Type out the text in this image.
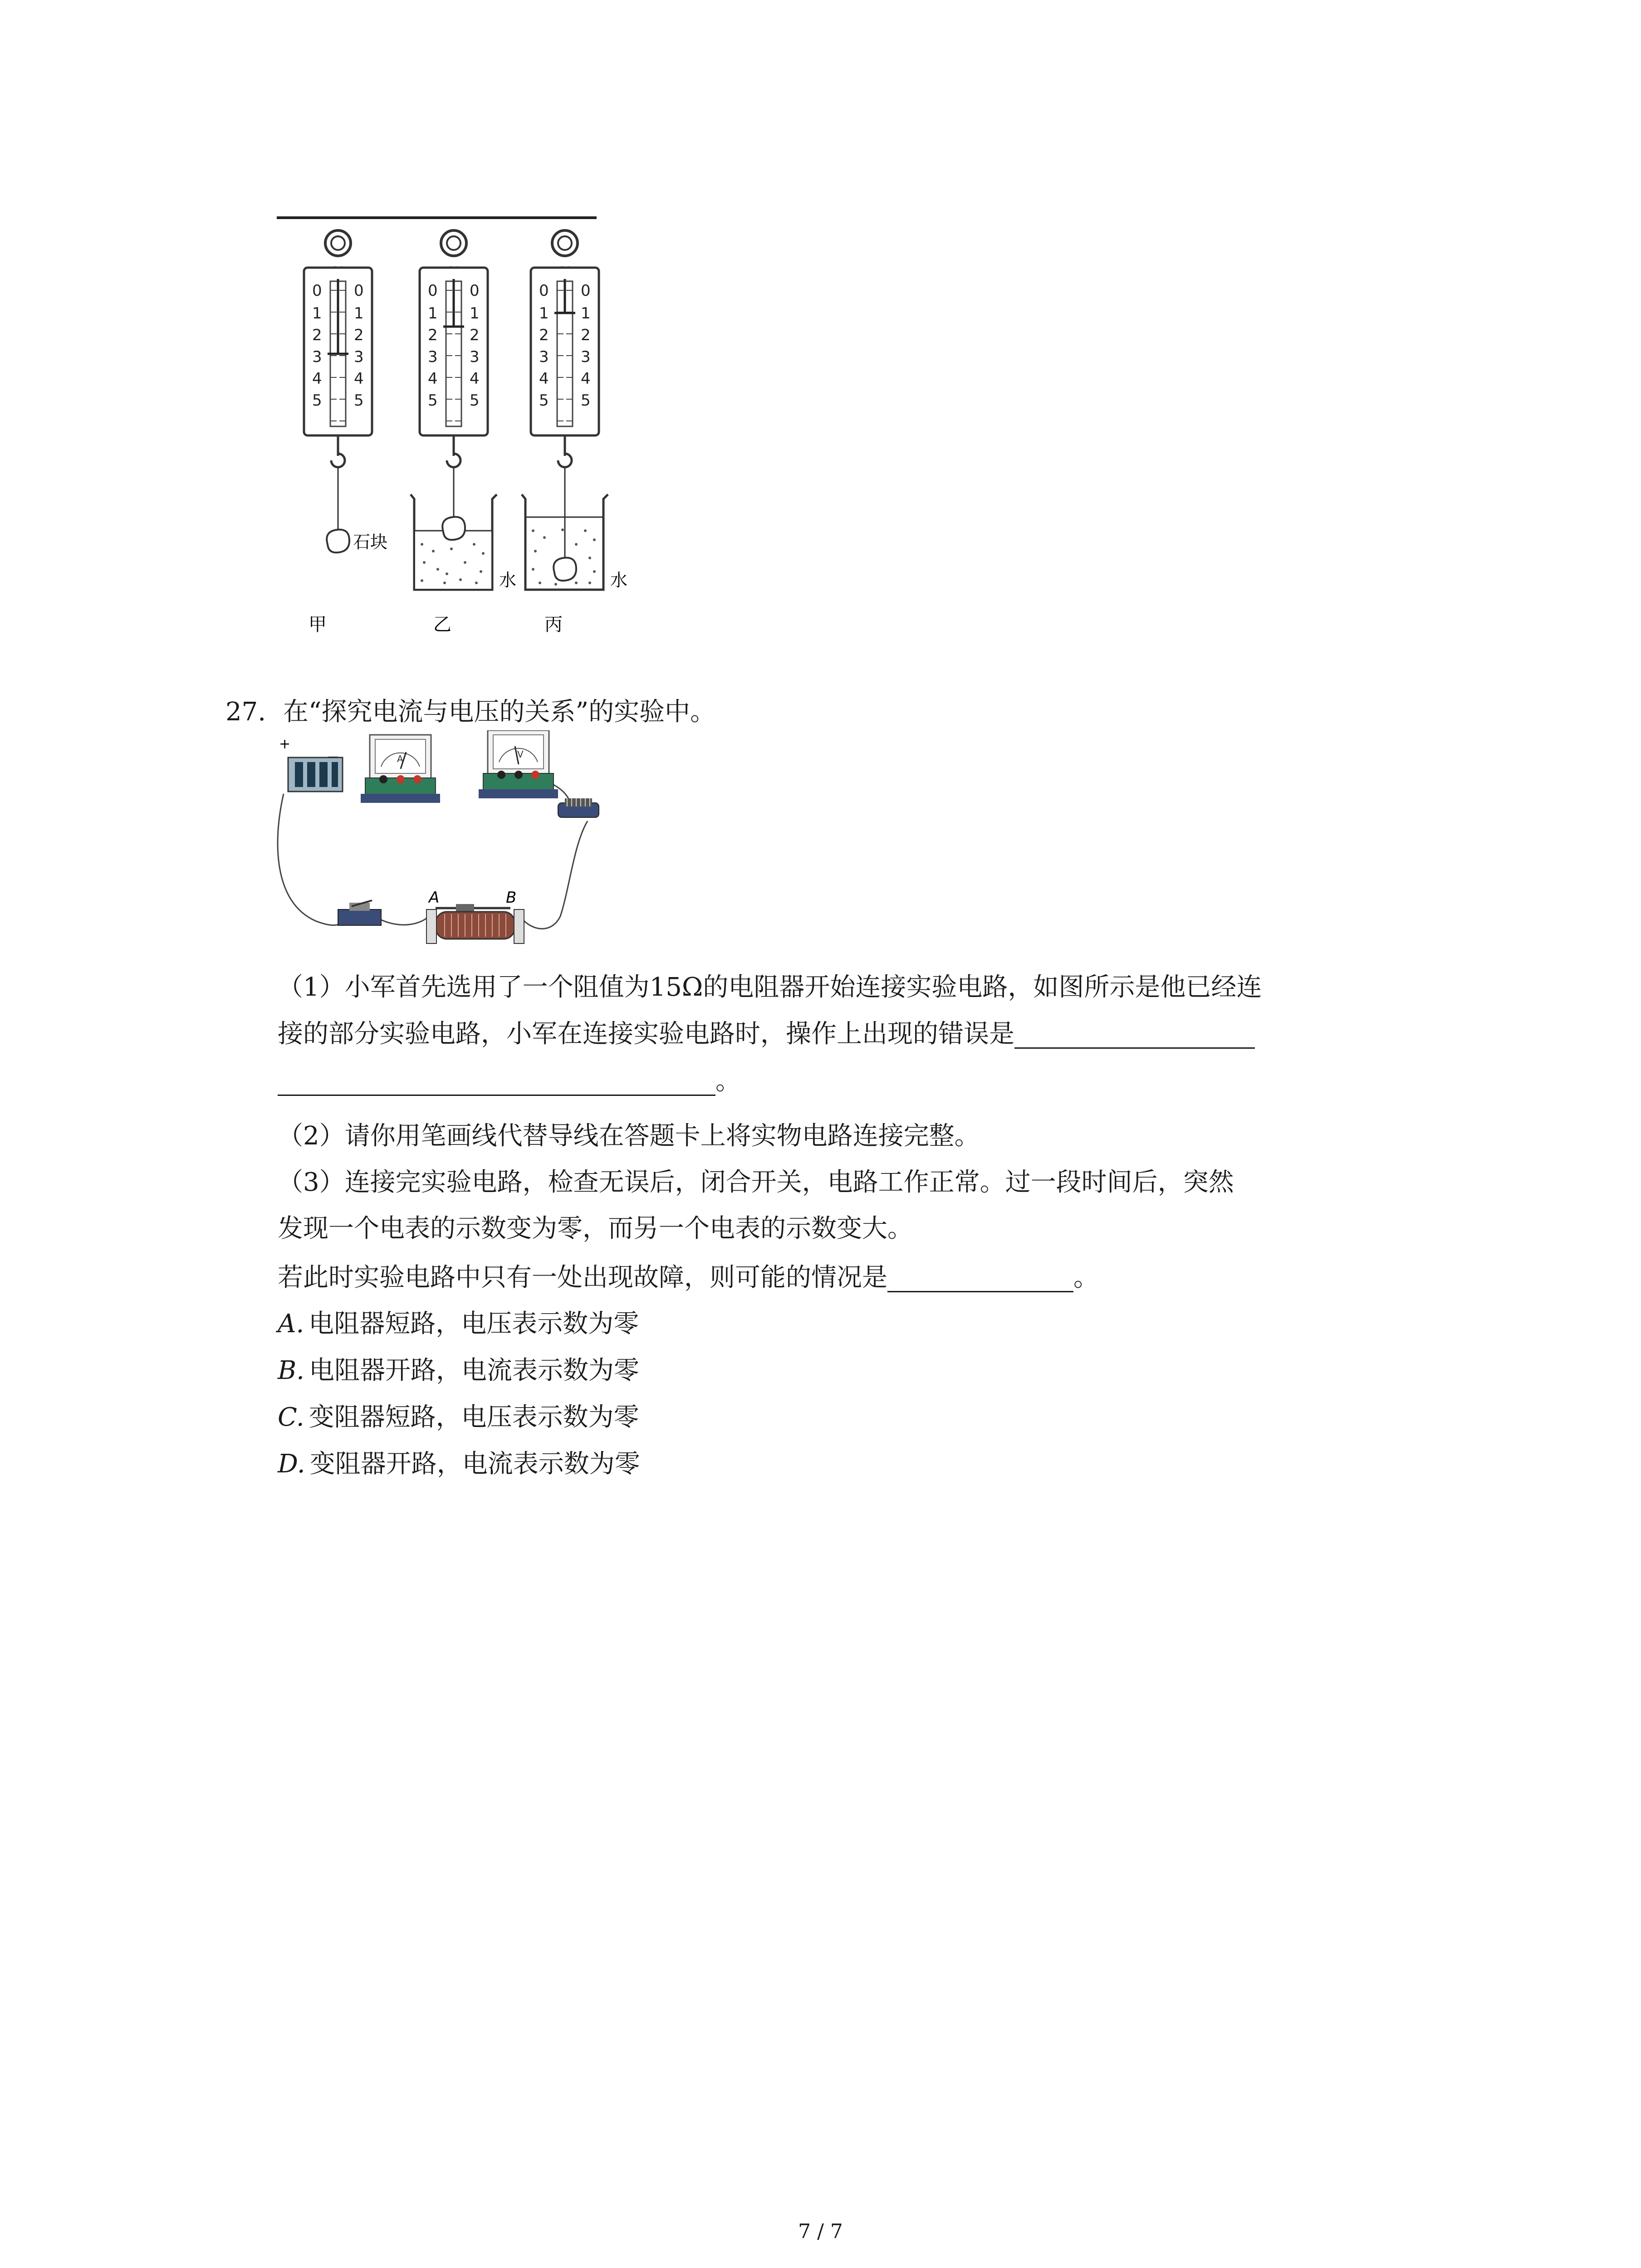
0 0
1 1
2 2
3 3
4 4
5 5
石块
0 0
1 1
2 2
3 3
4 4
5 5
水
0 0
1 1
2 2
3 3
4 4
5 5
水
甲	乙	丙
27. 在“探究电流与电压的关系”的实验中。
+
A	V
A	B
（1）小军首先选用了一个阻值为15Ω的电阻器开始连接实验电路，如图所示是他已经连
接的部分实验电路，小军在连接实验电路时，操作上出现的错误是
。
（2）请你用笔画线代替导线在答题卡上将实物电路连接完整。
（3）连接完实验电路，检查无误后，闭合开关，电路工作正常。过一段时间后，突然
发现一个电表的示数变为零，而另一个电表的示数变大。
若此时实验电路中只有一处出现故障，则可能的情况是	。
A. 电阻器短路，电压表示数为零
B. 电阻器开路，电流表示数为零
C. 变阻器短路，电压表示数为零
D. 变阻器开路，电流表示数为零
7 / 7
